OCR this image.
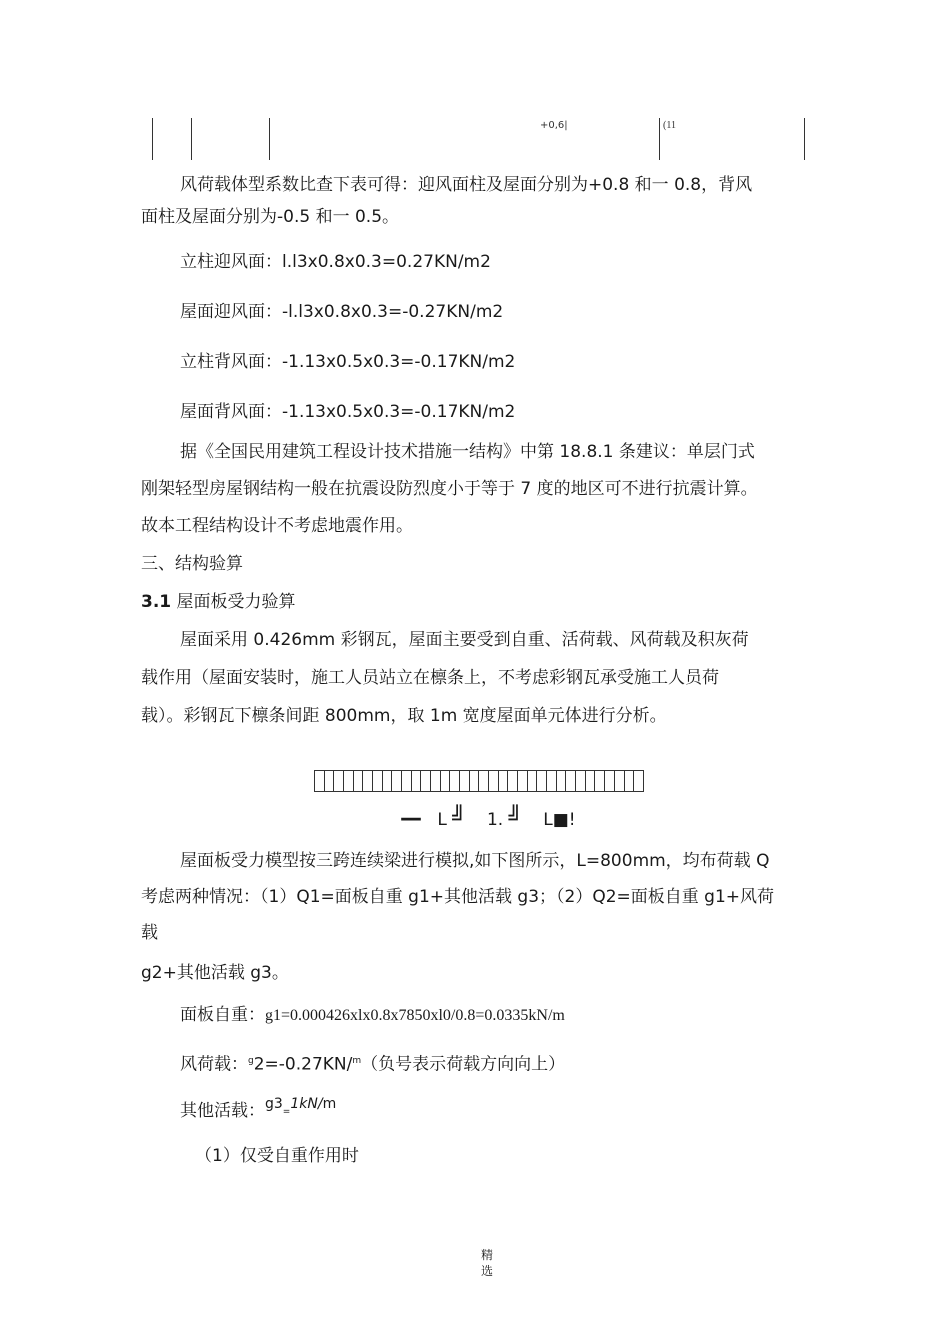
+0,6|	(11
风荷载体型系数比查下表可得：迎风面柱及屋面分别为+0.8 和一 0.8，背风
面柱及屋面分别为-0.5 和一 0.5。
立柱迎风面：l.l3x0.8x0.3=0.27KN/m2
屋面迎风面：-l.l3x0.8x0.3=-0.27KN/m2
立柱背风面：-1.13x0.5x0.3=-0.17KN/m2
屋面背风面：-1.13x0.5x0.3=-0.17KN/m2
据《全国民用建筑工程设计技术措施一结构》中第 18.8.1 条建议：单层门式
刚架轻型房屋钢结构一般在抗震设防烈度小于等于 7 度的地区可不进行抗震计算。
故本工程结构设计不考虑地震作用。
三、结构验算
3.1 屋面板受力验算
屋面采用 0.426mm 彩钢瓦，屋面主要受到自重、活荷载、风荷载及积灰荷
载作用（屋面安装时，施工人员站立在檩条上，不考虑彩钢瓦承受施工人员荷
载）。彩钢瓦下檩条间距 800mm，取 1m 宽度屋面单元体进行分析。
— L ╝ 1. ╝ L■!
屋面板受力模型按三跨连续梁进行模拟,如下图所示，L=800mm，均布荷载 Q
考虑两种情况：（1）Q1=面板自重 g1+其他活载 g3；（2）Q2=面板自重 g1+风荷
载
g2+其他活载 g3。
面板自重：g1=0.000426xlx0.8x7850xl0/0.8=0.0335kN/m
风荷载：$^g$2=-0.27KN/$^m$（负号表示荷载方向向上）
其他活载：$^{g3}$=$^{1kN/m}$
（1）仅受自重作用时
精
选
